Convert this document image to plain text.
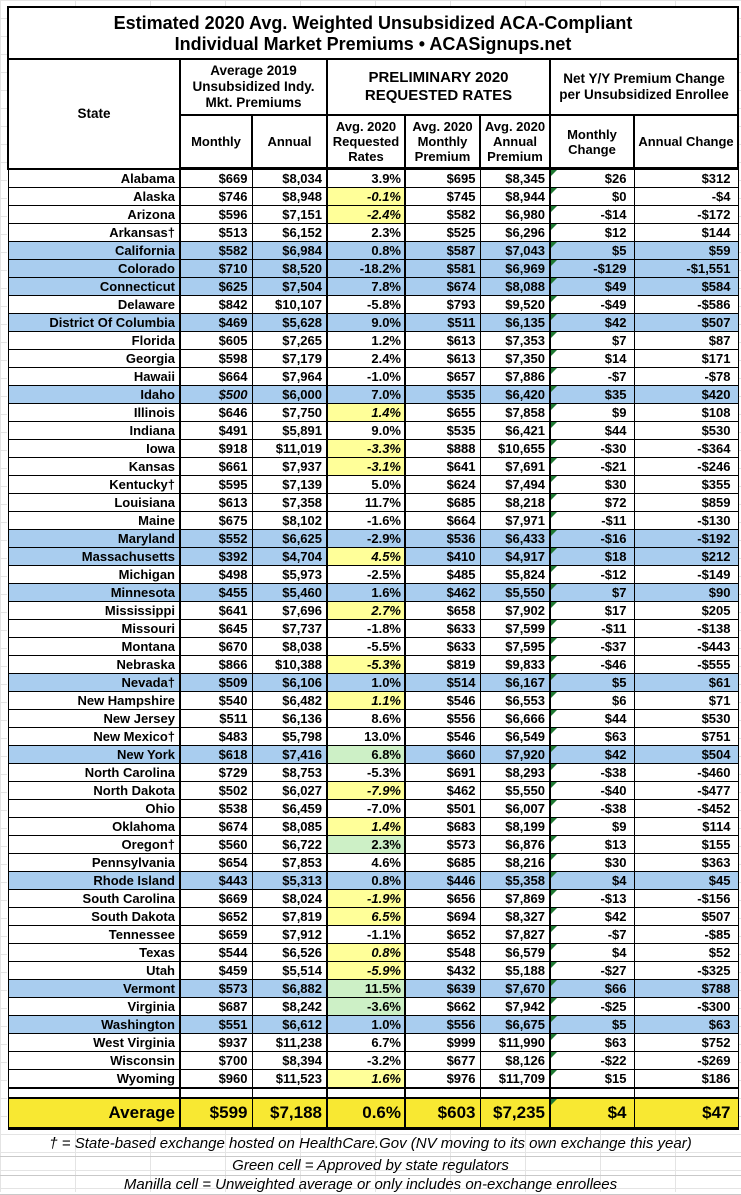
Estimated 2020 Avg. Weighted Unsubsidized ACA-Compliant
Individual Market Premiums • ACASignups.net							
State	Average 2019 Unsubsidized Indy. Mkt. Premiums		PRELIMINARY 2020 REQUESTED RATES			Net Y/Y Premium Change per Unsubsidized Enrollee	
	Monthly	Annual	Avg. 2020 Requested Rates	Avg. 2020 Monthly Premium	Avg. 2020 Annual Premium	Monthly Change	Annual Change
Alabama	$669	$8,034	3.9%	$695	$8,345	$26	$312
Alaska	$746	$8,948	-0.1%	$745	$8,944	$0	-$4
Arizona	$596	$7,151	-2.4%	$582	$6,980	-$14	-$172
Arkansas†	$513	$6,152	2.3%	$525	$6,296	$12	$144
California	$582	$6,984	0.8%	$587	$7,043	$5	$59
Colorado	$710	$8,520	-18.2%	$581	$6,969	-$129	-$1,551
Connecticut	$625	$7,504	7.8%	$674	$8,088	$49	$584
Delaware	$842	$10,107	-5.8%	$793	$9,520	-$49	-$586
District Of Columbia	$469	$5,628	9.0%	$511	$6,135	$42	$507
Florida	$605	$7,265	1.2%	$613	$7,353	$7	$87
Georgia	$598	$7,179	2.4%	$613	$7,350	$14	$171
Hawaii	$664	$7,964	-1.0%	$657	$7,886	-$7	-$78
Idaho	$500	$6,000	7.0%	$535	$6,420	$35	$420
Illinois	$646	$7,750	1.4%	$655	$7,858	$9	$108
Indiana	$491	$5,891	9.0%	$535	$6,421	$44	$530
Iowa	$918	$11,019	-3.3%	$888	$10,655	-$30	-$364
Kansas	$661	$7,937	-3.1%	$641	$7,691	-$21	-$246
Kentucky†	$595	$7,139	5.0%	$624	$7,494	$30	$355
Louisiana	$613	$7,358	11.7%	$685	$8,218	$72	$859
Maine	$675	$8,102	-1.6%	$664	$7,971	-$11	-$130
Maryland	$552	$6,625	-2.9%	$536	$6,433	-$16	-$192
Massachusetts	$392	$4,704	4.5%	$410	$4,917	$18	$212
Michigan	$498	$5,973	-2.5%	$485	$5,824	-$12	-$149
Minnesota	$455	$5,460	1.6%	$462	$5,550	$7	$90
Mississippi	$641	$7,696	2.7%	$658	$7,902	$17	$205
Missouri	$645	$7,737	-1.8%	$633	$7,599	-$11	-$138
Montana	$670	$8,038	-5.5%	$633	$7,595	-$37	-$443
Nebraska	$866	$10,388	-5.3%	$819	$9,833	-$46	-$555
Nevada†	$509	$6,106	1.0%	$514	$6,167	$5	$61
New Hampshire	$540	$6,482	1.1%	$546	$6,553	$6	$71
New Jersey	$511	$6,136	8.6%	$556	$6,666	$44	$530
New Mexico†	$483	$5,798	13.0%	$546	$6,549	$63	$751
New York	$618	$7,416	6.8%	$660	$7,920	$42	$504
North Carolina	$729	$8,753	-5.3%	$691	$8,293	-$38	-$460
North Dakota	$502	$6,027	-7.9%	$462	$5,550	-$40	-$477
Ohio	$538	$6,459	-7.0%	$501	$6,007	-$38	-$452
Oklahoma	$674	$8,085	1.4%	$683	$8,199	$9	$114
Oregon†	$560	$6,722	2.3%	$573	$6,876	$13	$155
Pennsylvania	$654	$7,853	4.6%	$685	$8,216	$30	$363
Rhode Island	$443	$5,313	0.8%	$446	$5,358	$4	$45
South Carolina	$669	$8,024	-1.9%	$656	$7,869	-$13	-$156
South Dakota	$652	$7,819	6.5%	$694	$8,327	$42	$507
Tennessee	$659	$7,912	-1.1%	$652	$7,827	-$7	-$85
Texas	$544	$6,526	0.8%	$548	$6,579	$4	$52
Utah	$459	$5,514	-5.9%	$432	$5,188	-$27	-$325
Vermont	$573	$6,882	11.5%	$639	$7,670	$66	$788
Virginia	$687	$8,242	-3.6%	$662	$7,942	-$25	-$300
Washington	$551	$6,612	1.0%	$556	$6,675	$5	$63
West Virginia	$937	$11,238	6.7%	$999	$11,990	$63	$752
Wisconsin	$700	$8,394	-3.2%	$677	$8,126	-$22	-$269
Wyoming	$960	$11,523	1.6%	$976	$11,709	$15	$186

Average	$599	$7,188	0.6%	$603	$7,235	$4	$47
† = State-based exchange hosted on HealthCare.Gov (NV moving to its own exchange this year)
Green cell = Approved by state regulators
Manilla cell = Unweighted average or only includes on-exchange enrollees
